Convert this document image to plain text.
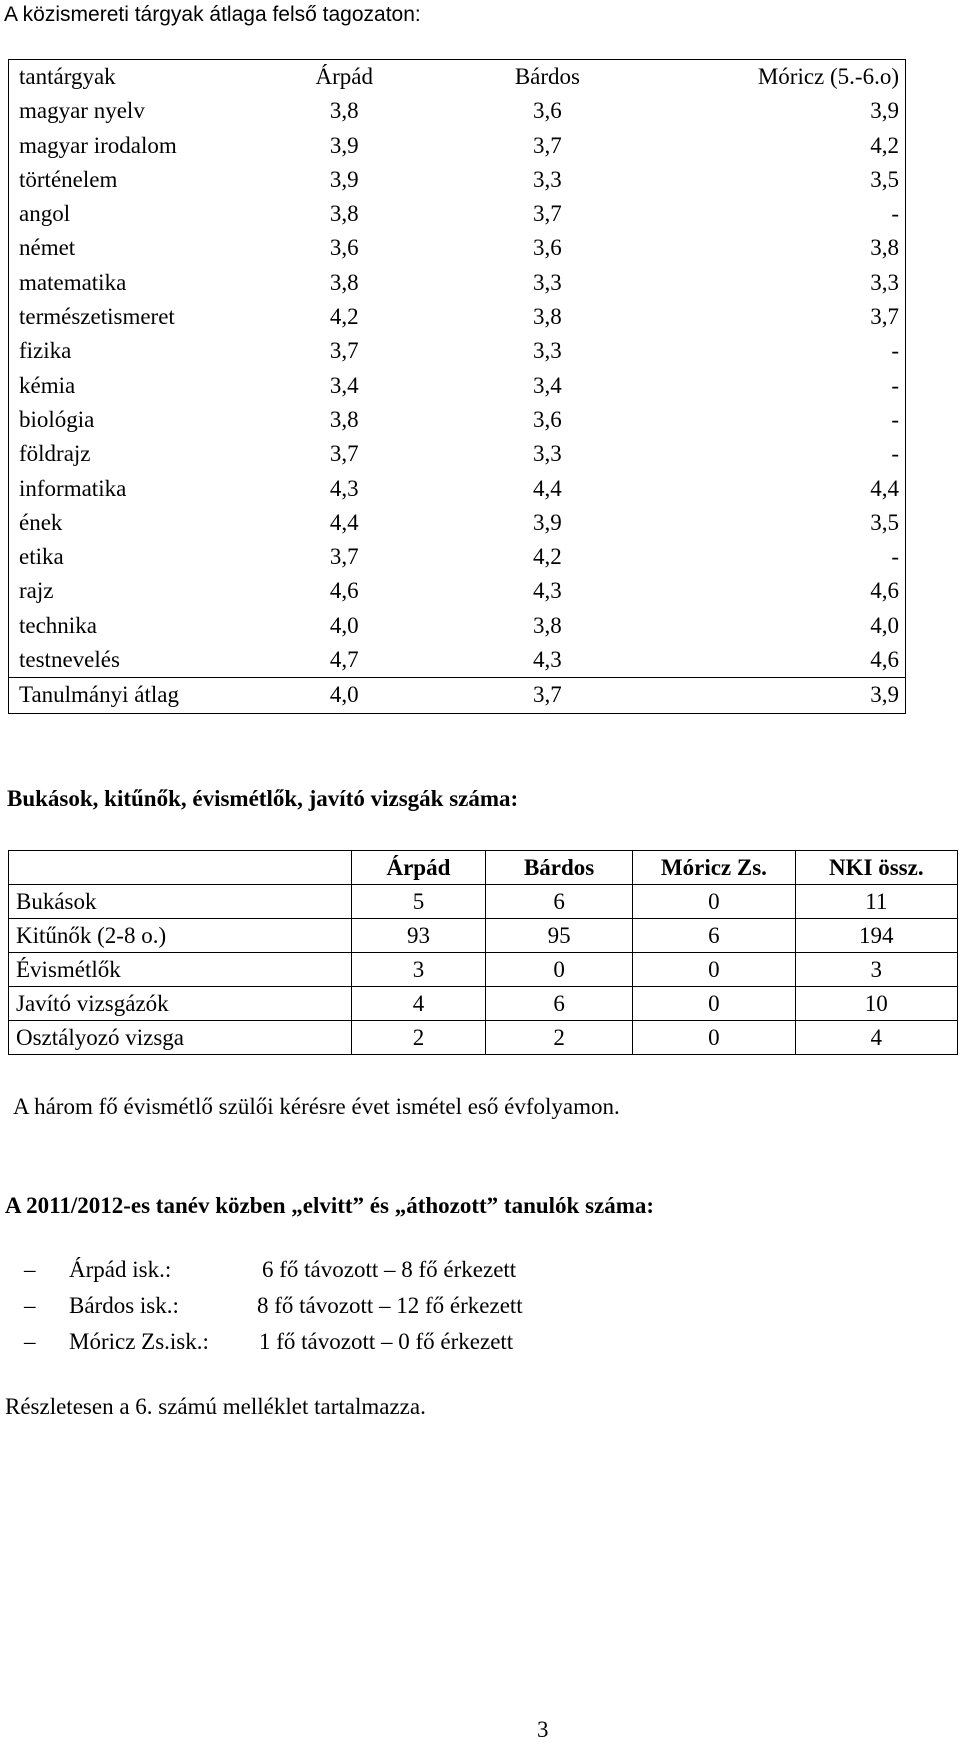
A közismereti tárgyak átlaga felső tagozaton:
tantárgyak	Árpád	Bárdos	Móricz (5.-6.o)
magyar nyelv	3,8	3,6	3,9
magyar irodalom	3,9	3,7	4,2
történelem	3,9	3,3	3,5
angol	3,8	3,7	-
német	3,6	3,6	3,8
matematika	3,8	3,3	3,3
természetismeret	4,2	3,8	3,7
fizika	3,7	3,3	-
kémia	3,4	3,4	-
biológia	3,8	3,6	-
földrajz	3,7	3,3	-
informatika	4,3	4,4	4,4
ének	4,4	3,9	3,5
etika	3,7	4,2	-
rajz	4,6	4,3	4,6
technika	4,0	3,8	4,0
testnevelés	4,7	4,3	4,6
Tanulmányi átlag	4,0	3,7	3,9
Bukások, kitűnők, évismétlők, javító vizsgák száma:
	Árpád	Bárdos	Móricz Zs.	NKI össz.
Bukások	5	6	0	11
Kitűnők (2-8 o.)	93	95	6	194
Évismétlők	3	0	0	3
Javító vizsgázók	4	6	0	10
Osztályozó vizsga	2	2	0	4
A három fő évismétlő szülői kérésre évet ismétel eső évfolyamon.
A 2011/2012-es tanév közben „elvitt” és „áthozott” tanulók száma:
–	Árpád isk.:	6 fő távozott – 8 fő érkezett
–	Bárdos isk.:	8 fő távozott – 12 fő érkezett
–	Móricz Zs.isk.: 1 fő távozott – 0 fő érkezett
Részletesen a 6. számú melléklet tartalmazza.
3
